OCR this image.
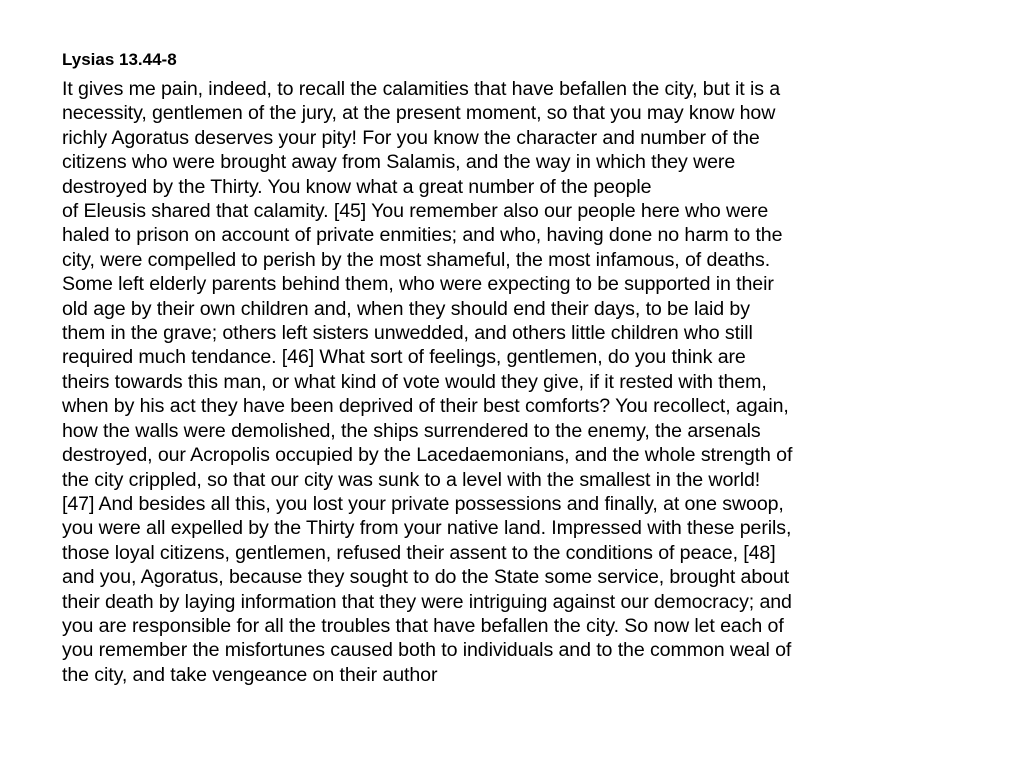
Lysias 13.44-8
It gives me pain, indeed, to recall the calamities that have befallen the city, but it is a
necessity, gentlemen of the jury, at the present moment, so that you may know how
richly Agoratus deserves your pity! For you know the character and number of the
citizens who were brought away from Salamis, and the way in which they were
destroyed by the Thirty. You know what a great number of the people
of Eleusis shared that calamity. [45] You remember also our people here who were
haled to prison on account of private enmities; and who, having done no harm to the
city, were compelled to perish by the most shameful, the most infamous, of deaths.
Some left elderly parents behind them, who were expecting to be supported in their
old age by their own children and, when they should end their days, to be laid by
them in the grave; others left sisters unwedded, and others little children who still
required much tendance. [46] What sort of feelings, gentlemen, do you think are
theirs towards this man, or what kind of vote would they give, if it rested with them,
when by his act they have been deprived of their best comforts? You recollect, again,
how the walls were demolished, the ships surrendered to the enemy, the arsenals
destroyed, our Acropolis occupied by the Lacedaemonians, and the whole strength of
the city crippled, so that our city was sunk to a level with the smallest in the world!
[47] And besides all this, you lost your private possessions and finally, at one swoop,
you were all expelled by the Thirty from your native land. Impressed with these perils,
those loyal citizens, gentlemen, refused their assent to the conditions of peace, [48]
and you, Agoratus, because they sought to do the State some service, brought about
their death by laying information that they were intriguing against our democracy; and
you are responsible for all the troubles that have befallen the city. So now let each of
you remember the misfortunes caused both to individuals and to the common weal of
the city, and take vengeance on their author
